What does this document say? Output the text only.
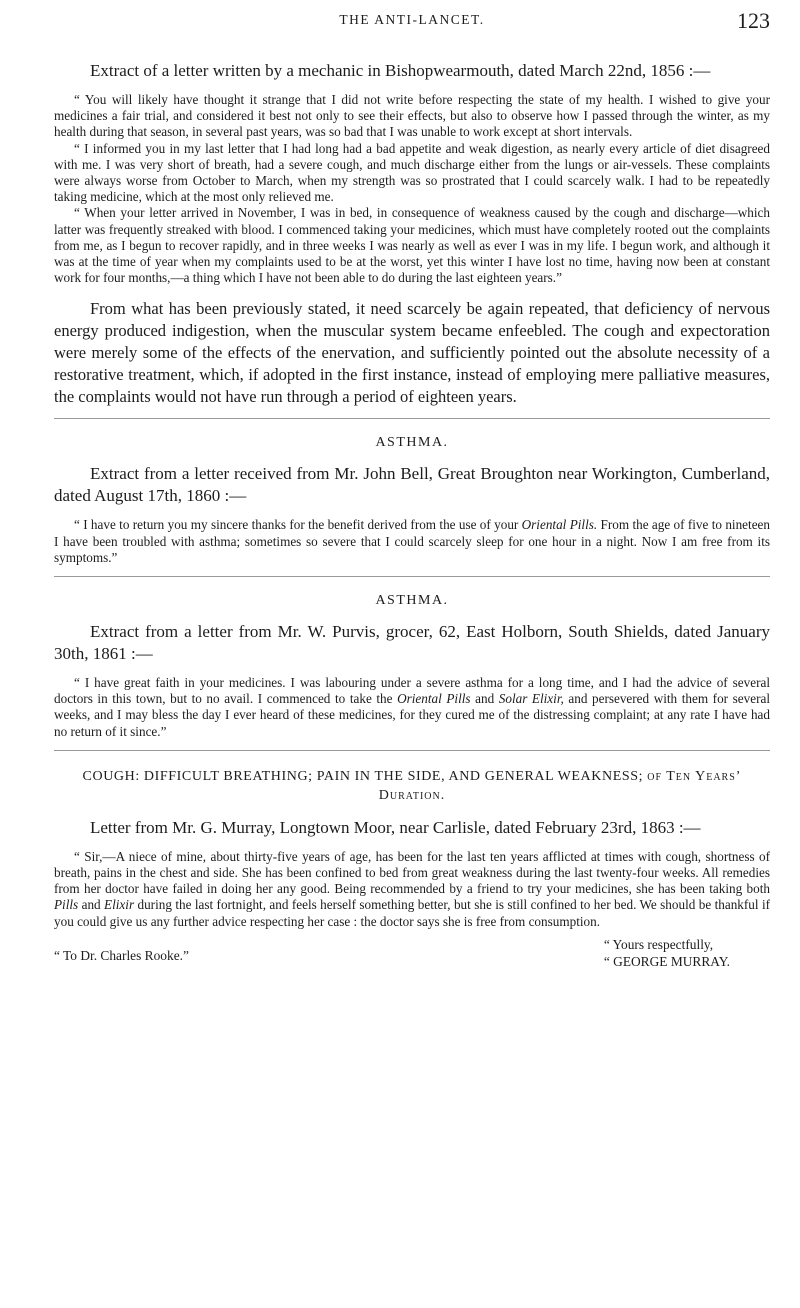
THE ANTI-LANCET.	123

Extract of a letter written by a mechanic in Bishopwearmouth, dated March 22nd, 1856 :—

“ You will likely have thought it strange that I did not write before respecting the state of my health. I wished to give your medicines a fair trial, and considered it best not only to see their effects, but also to observe how I passed through the winter, as my health during that season, in several past years, was so bad that I was unable to work except at short intervals.

“ I informed you in my last letter that I had long had a bad appetite and weak digestion, as nearly every article of diet disagreed with me. I was very short of breath, had a severe cough, and much discharge either from the lungs or air-vessels. These complaints were always worse from October to March, when my strength was so prostrated that I could scarcely walk. I had to be repeatedly taking medicine, which at the most only relieved me.

“ When your letter arrived in November, I was in bed, in consequence of weakness caused by the cough and discharge—which latter was frequently streaked with blood. I commenced taking your medicines, which must have completely rooted out the complaints from me, as I begun to recover rapidly, and in three weeks I was nearly as well as ever I was in my life. I begun work, and although it was at the time of year when my complaints used to be at the worst, yet this winter I have lost no time, having now been at constant work for four months,—a thing which I have not been able to do during the last eighteen years.”

From what has been previously stated, it need scarcely be again repeated, that deficiency of nervous energy produced indigestion, when the muscular system became enfeebled. The cough and expectoration were merely some of the effects of the enervation, and sufficiently pointed out the absolute necessity of a restorative treatment, which, if adopted in the first instance, instead of employing mere palliative measures, the complaints would not have run through a period of eighteen years.

ASTHMA.

Extract from a letter received from Mr. John Bell, Great Broughton near Workington, Cumberland, dated August 17th, 1860 :—

“ I have to return you my sincere thanks for the benefit derived from the use of your Oriental Pills. From the age of five to nineteen I have been troubled with asthma; sometimes so severe that I could scarcely sleep for one hour in a night. Now I am free from its symptoms.”

ASTHMA.

Extract from a letter from Mr. W. Purvis, grocer, 62, East Holborn, South Shields, dated January 30th, 1861 :—

“ I have great faith in your medicines. I was labouring under a severe asthma for a long time, and I had the advice of several doctors in this town, but to no avail. I commenced to take the Oriental Pills and Solar Elixir, and persevered with them for several weeks, and I may bless the day I ever heard of these medicines, for they cured me of the distressing complaint; at any rate I have had no return of it since.”

COUGH: DIFFICULT BREATHING; PAIN IN THE SIDE, AND GENERAL WEAKNESS; of Ten Years’ Duration.

Letter from Mr. G. Murray, Longtown Moor, near Carlisle, dated February 23rd, 1863 :—

“ Sir,—A niece of mine, about thirty-five years of age, has been for the last ten years afflicted at times with cough, shortness of breath, pains in the chest and side. She has been confined to bed from great weakness during the last twenty-four weeks. All remedies from her doctor have failed in doing her any good. Being recommended by a friend to try your medicines, she has been taking both Pills and Elixir during the last fortnight, and feels herself something better, but she is still confined to her bed. We should be thankful if you could give us any further advice respecting her case : the doctor says she is free from consumption.

“ Yours respectfully,
“ GEORGE MURRAY.
“ To Dr. Charles Rooke.”
